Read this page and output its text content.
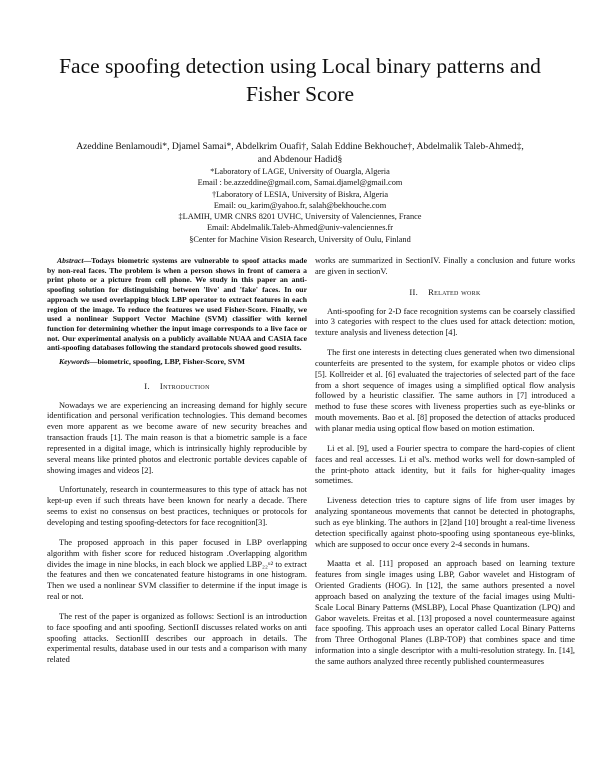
Face spoofing detection using Local binary patterns and Fisher Score
Azeddine Benlamoudi*, Djamel Samai*, Abdelkrim Ouafi†, Salah Eddine Bekhouche†, Abdelmalik Taleb-Ahmed‡,
and Abdenour Hadid§
*Laboratory of LAGE, University of Ouargla, Algeria
Email : be.azzeddine@gmail.com, Samai.djamel@gmail.com
†Laboratory of LESIA, University of Biskra, Algeria
Email: ou_karim@yahoo.fr, salah@bekhouche.com
‡LAMIH, UMR CNRS 8201 UVHC, University of Valenciennes, France
Email: Abdelmalik.Taleb-Ahmed@univ-valenciennes.fr
§Center for Machine Vision Research, University of Oulu, Finland

Abstract—Todays biometric systems are vulnerable to spoof attacks made by non-real faces. The problem is when a person shows in front of camera a print photo or a picture from cell phone. We study in this paper an anti-spoofing solution for distinguishing between 'live' and 'fake' faces. In our approach we used overlapping block LBP operator to extract features in each region of the image. To reduce the features we used Fisher-Score. Finally, we used a nonlinear Support Vector Machine (SVM) classifier with kernel function for determining whether the input image corresponds to a live face or not. Our experimental analysis on a publicly available NUAA and CASIA face anti-spoofing databases following the standard protocols showed good results.

Keywords—biometric, spoofing, LBP, Fisher-Score, SVM

I. Introduction

Nowadays we are experiencing an increasing demand for highly secure identification and personal verification technologies. This demand becomes even more apparent as we become aware of new security breaches and transaction frauds [1]. The main reason is that a biometric sample is a face represented in a digital image, which is intrinsically highly reproducible by several means like printed photos and electronic portable devices capable of showing images and videos [2].

Unfortunately, research in countermeasures to this type of attack has not kept-up even if such threats have been known for nearly a decade. There seems to exist no consensus on best practices, techniques or protocols for developing and testing spoofing-detectors for face recognition[3].

The proposed approach in this paper focused in LBP overlapping algorithm with fisher score for reduced histogram .Overlapping algorithm divides the image in nine blocks, in each block we applied LBP₂₂ᵘ² to extract the features and then we concatenated feature histograms in one histogram. Then we used a nonlinear SVM classifier to determine if the input image is real or not.

The rest of the paper is organized as follows: SectionI is an introduction to face spoofing and anti spoofing. SectionII discusses related works on anti spoofing attacks. SectionIII describes our approach in details. The experimental results, database used in our tests and a comparison with many related

works are summarized in SectionIV. Finally a conclusion and future works are given in sectionV.

II. Related work

Anti-spoofing for 2-D face recognition systems can be coarsely classified into 3 categories with respect to the clues used for attack detection: motion, texture analysis and liveness detection [4].

The first one interests in detecting clues generated when two dimensional counterfeits are presented to the system, for example photos or video clips [5]. Kollreider et al. [6] evaluated the trajectories of selected part of the face from a short sequence of images using a simplified optical flow analysis followed by a heuristic classifier. The same authors in [7] introduced a method to fuse these scores with liveness properties such as eye-blinks or mouth movements. Bao et al. [8] proposed the detection of attacks produced with planar media using optical flow based on motion estimation.

Li et al. [9], used a Fourier spectra to compare the hard-copies of client faces and real accesses. Li et al's. method works well for down-sampled of the print-photo attack identity, but it fails for higher-quality images sometimes.

Liveness detection tries to capture signs of life from user images by analyzing spontaneous movements that cannot be detected in photographs, such as eye blinking. The authors in [2]and [10] brought a real-time liveness detection specifically against photo-spoofing using spontaneous eye-blinks, which are supposed to occur once every 2-4 seconds in humans.

Maatta et al. [11] proposed an approach based on learning texture features from single images using LBP, Gabor wavelet and Histogram of Oriented Gradients (HOG). In [12], the same authors presented a novel approach based on analyzing the texture of the facial images using Multi-Scale Local Binary Patterns (MSLBP), Local Phase Quantization (LPQ) and Gabor wavelets. Freitas et al. [13] proposed a novel countermeasure against face spoofing. This approach uses an operator called Local Binary Patterns from Three Orthogonal Planes (LBP-TOP) that combines space and time information into a single descriptor with a multi-resolution strategy. In. [14], the same authors analyzed three recently published countermeasures
